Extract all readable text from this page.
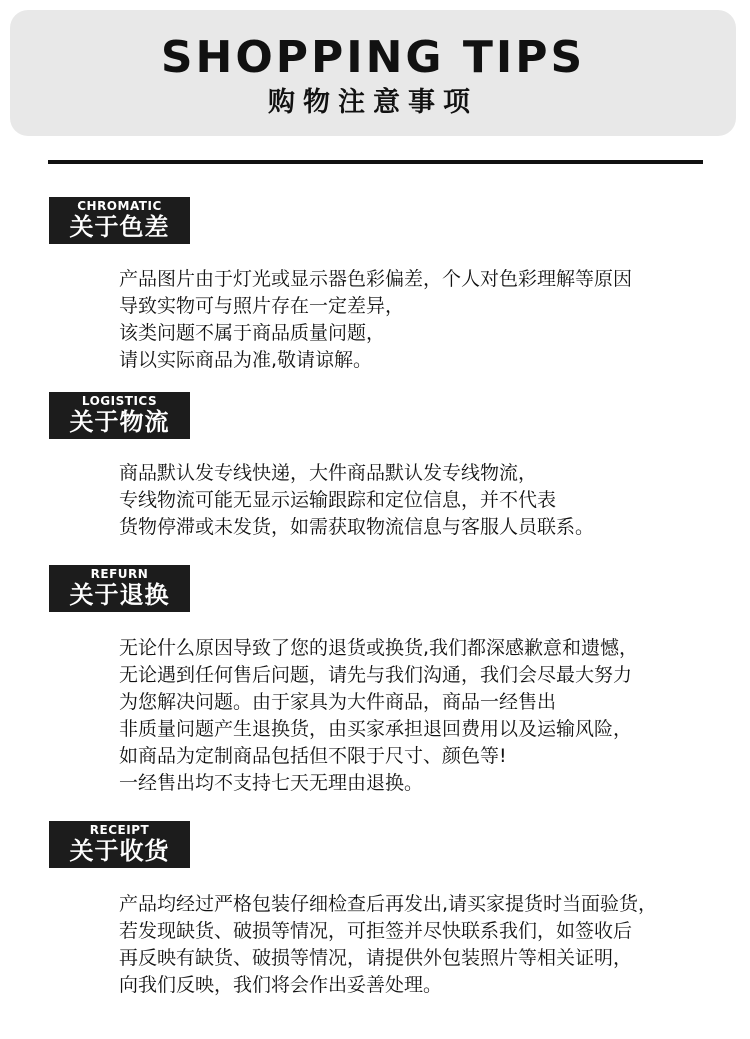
SHOPPING TIPS
购物注意事项
CHROMATIC
关于色差
产品图片由于灯光或显示器色彩偏差，个人对色彩理解等原因
导致实物可与照片存在一定差异，
该类问题不属于商品质量问题，
请以实际商品为准,敬请谅解。
LOGISTICS
关于物流
商品默认发专线快递，大件商品默认发专线物流，
专线物流可能无显示运输跟踪和定位信息，并不代表
货物停滞或未发货，如需获取物流信息与客服人员联系。
REFURN
关于退换
无论什么原因导致了您的退货或换货,我们都深感歉意和遗憾，
无论遇到任何售后问题，请先与我们沟通，我们会尽最大努力
为您解决问题。由于家具为大件商品，商品一经售出
非质量问题产生退换货，由买家承担退回费用以及运输风险，
如商品为定制商品包括但不限于尺寸、颜色等!
一经售出均不支持七天无理由退换。
RECEIPT
关于收货
产品均经过严格包装仔细检查后再发出,请买家提货时当面验货，
若发现缺货、破损等情况，可拒签并尽快联系我们，如签收后
再反映有缺货、破损等情况，请提供外包装照片等相关证明，
向我们反映，我们将会作出妥善处理。
